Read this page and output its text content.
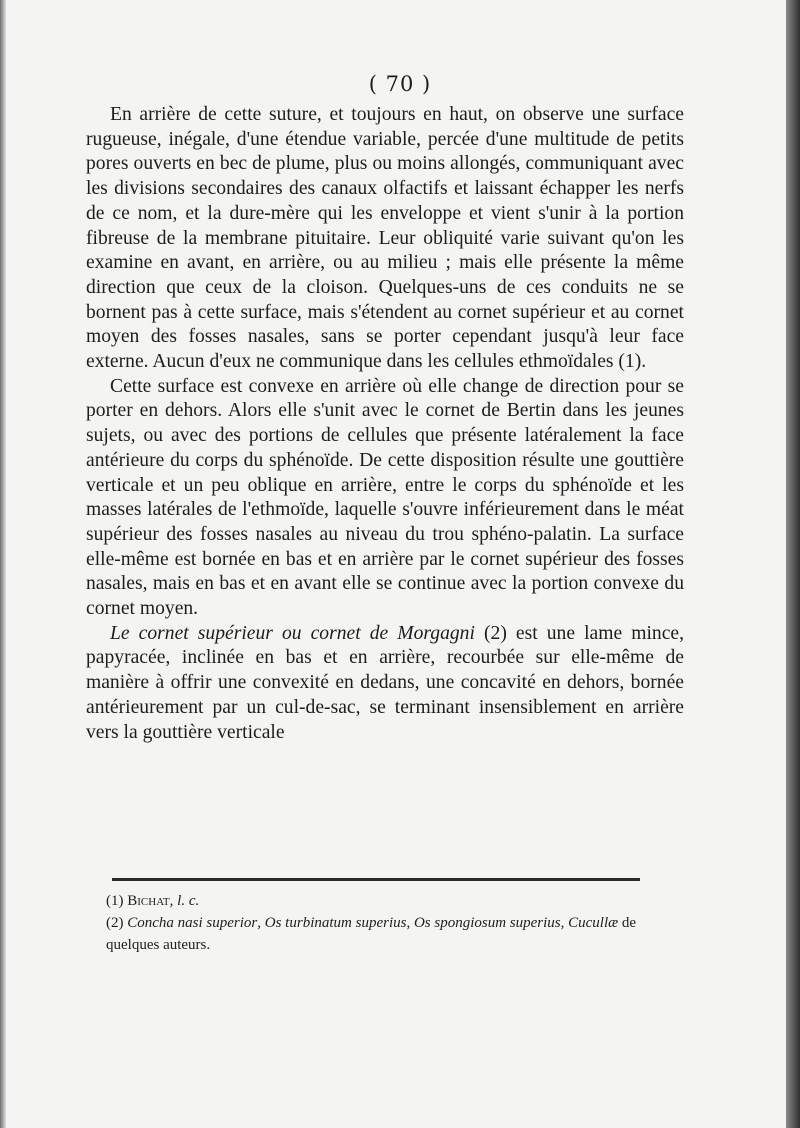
( 70 )

En arrière de cette suture, et toujours en haut, on observe une surface rugueuse, inégale, d'une étendue variable, percée d'une multitude de petits pores ouverts en bec de plume, plus ou moins allongés, communiquant avec les divisions secondaires des canaux olfactifs et laissant échapper les nerfs de ce nom, et la dure-mère qui les enveloppe et vient s'unir à la portion fibreuse de la membrane pituitaire. Leur obliquité varie suivant qu'on les examine en avant, en arrière, ou au milieu ; mais elle présente la même direction que ceux de la cloison. Quelques-uns de ces conduits ne se bornent pas à cette surface, mais s'étendent au cornet supérieur et au cornet moyen des fosses nasales, sans se porter cependant jusqu'à leur face externe. Aucun d'eux ne communique dans les cellules ethmoïdales (1).

Cette surface est convexe en arrière où elle change de direction pour se porter en dehors. Alors elle s'unit avec le cornet de Bertin dans les jeunes sujets, ou avec des portions de cellules que présente latéralement la face antérieure du corps du sphénoïde. De cette disposition résulte une gouttière verticale et un peu oblique en arrière, entre le corps du sphénoïde et les masses latérales de l'ethmoïde, laquelle s'ouvre inférieurement dans le méat supérieur des fosses nasales au niveau du trou sphéno-palatin. La surface elle-même est bornée en bas et en arrière par le cornet supérieur des fosses nasales, mais en bas et en avant elle se continue avec la portion convexe du cornet moyen.

Le cornet supérieur ou cornet de Morgagni (2) est une lame mince, papyracée, inclinée en bas et en arrière, recourbée sur elle-même de manière à offrir une convexité en dedans, une concavité en dehors, bornée antérieurement par un cul-de-sac, se terminant insensiblement en arrière vers la gouttière verticale

(1) Bichat, l. c.

(2) Concha nasi superior, Os turbinatum superius, Os spongiosum superius, Cucullæ de quelques auteurs.
